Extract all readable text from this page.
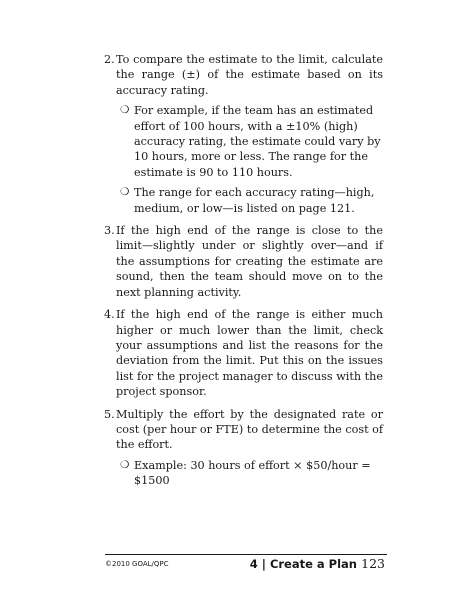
2. To compare the estimate to the limit, calculate the range (±) of the estimate based on its accuracy rating.

❍ For example, if the team has an estimated effort of 100 hours, with a ±10% (high) accuracy rating, the estimate could vary by 10 hours, more or less. The range for the estimate is 90 to 110 hours.
❍ The range for each accuracy rating—high, medium, or low—is listed on page 121.
3. If the high end of the range is close to the limit—slightly under or slightly over—and if the assumptions for creating the estimate are sound, then the team should move on to the next planning activity.

4. If the high end of the range is either much higher or much lower than the limit, check your assumptions and list the reasons for the deviation from the limit. Put this on the issues list for the project manager to discuss with the project sponsor.

5. Multiply the effort by the designated rate or cost (per hour or FTE) to determine the cost of the effort.

❍ Example: 30 hours of effort × $50/hour = $1500
©2010 GOAL/QPC	4 | Create a Plan 123
